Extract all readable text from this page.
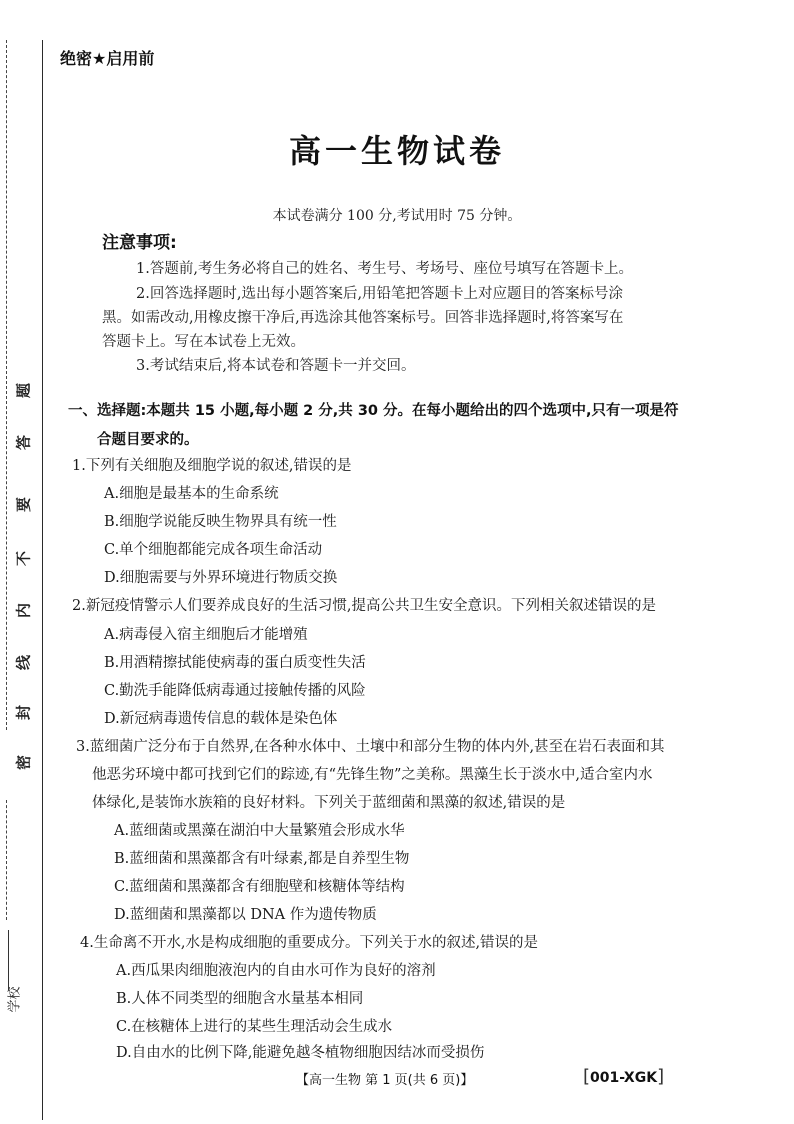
题
答
要
不
内
线
封
密
学校
绝密★启用前
高一生物试卷
本试卷满分 100 分,考试用时 75 分钟。
注意事项:
1.答题前,考生务必将自己的姓名、考生号、考场号、座位号填写在答题卡上。
2.回答选择题时,选出每小题答案后,用铅笔把答题卡上对应题目的答案标号涂
黑。如需改动,用橡皮擦干净后,再选涂其他答案标号。回答非选择题时,将答案写在
答题卡上。写在本试卷上无效。
3.考试结束后,将本试卷和答题卡一并交回。
一、选择题:本题共 15 小题,每小题 2 分,共 30 分。在每小题给出的四个选项中,只有一项是符
合题目要求的。
1.下列有关细胞及细胞学说的叙述,错误的是
A.细胞是最基本的生命系统
B.细胞学说能反映生物界具有统一性
C.单个细胞都能完成各项生命活动
D.细胞需要与外界环境进行物质交换
2.新冠疫情警示人们要养成良好的生活习惯,提高公共卫生安全意识。下列相关叙述错误的是
A.病毒侵入宿主细胞后才能增殖
B.用酒精擦拭能使病毒的蛋白质变性失活
C.勤洗手能降低病毒通过接触传播的风险
D.新冠病毒遗传信息的载体是染色体
3.蓝细菌广泛分布于自然界,在各种水体中、土壤中和部分生物的体内外,甚至在岩石表面和其
他恶劣环境中都可找到它们的踪迹,有“先锋生物”之美称。黑藻生长于淡水中,适合室内水
体绿化,是装饰水族箱的良好材料。下列关于蓝细菌和黑藻的叙述,错误的是
A.蓝细菌或黑藻在湖泊中大量繁殖会形成水华
B.蓝细菌和黑藻都含有叶绿素,都是自养型生物
C.蓝细菌和黑藻都含有细胞壁和核糖体等结构
D.蓝细菌和黑藻都以 DNA 作为遗传物质
4.生命离不开水,水是构成细胞的重要成分。下列关于水的叙述,错误的是
A.西瓜果肉细胞液泡内的自由水可作为良好的溶剂
B.人体不同类型的细胞含水量基本相同
C.在核糖体上进行的某些生理活动会生成水
D.自由水的比例下降,能避免越冬植物细胞因结冰而受损伤
【高一生物 第 1 页(共 6 页)】	[001-XGK]
